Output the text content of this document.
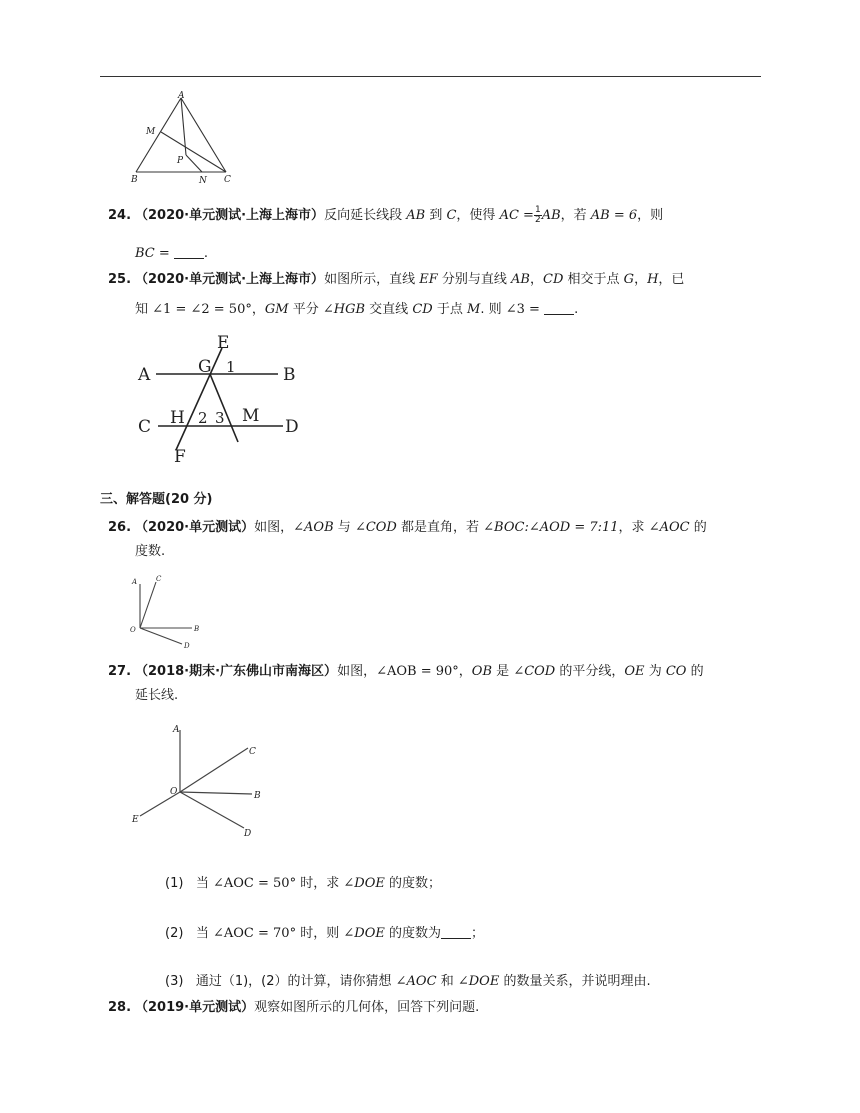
A
M
P
B	N C
24. （2020·单元测试·上海上海市）反向延长线段 AB 到 C，使得 AC = $\frac{1}{2}$ AB，若 AB = 6，则
BC =	.
25. （2020·单元测试·上海上海市）如图所示，直线 EF 分别与直线 AB，CD 相交于点 G，H，已
知 ∠1 = ∠2 = 50°，GM 平分 ∠HGB 交直线 CD 于点 M. 则 ∠3 =	.
E
G 1
A	B
C H 2 3 M
D
F
三、解答题(20 分)
26. （2020·单元测试）如图，∠AOB 与 ∠COD 都是直角，若 ∠BOC:∠AOD = 7:11，求 ∠AOC 的
度数.
A	C
O	B
D
27. （2018·期末·广东佛山市南海区）如图，∠AOB = 90°，OB 是 ∠COD 的平分线，OE 为 CO 的
延长线.
A
C
O	B
E
D
(1) 当 ∠AOC = 50° 时，求 ∠DOE 的度数；
(2) 当 ∠AOC = 70° 时，则 ∠DOE 的度数为 ；
(3) 通过（1)，(2）的计算，请你猜想 ∠AOC 和 ∠DOE 的数量关系，并说明理由.
28. （2019·单元测试）观察如图所示的几何体，回答下列问题.
